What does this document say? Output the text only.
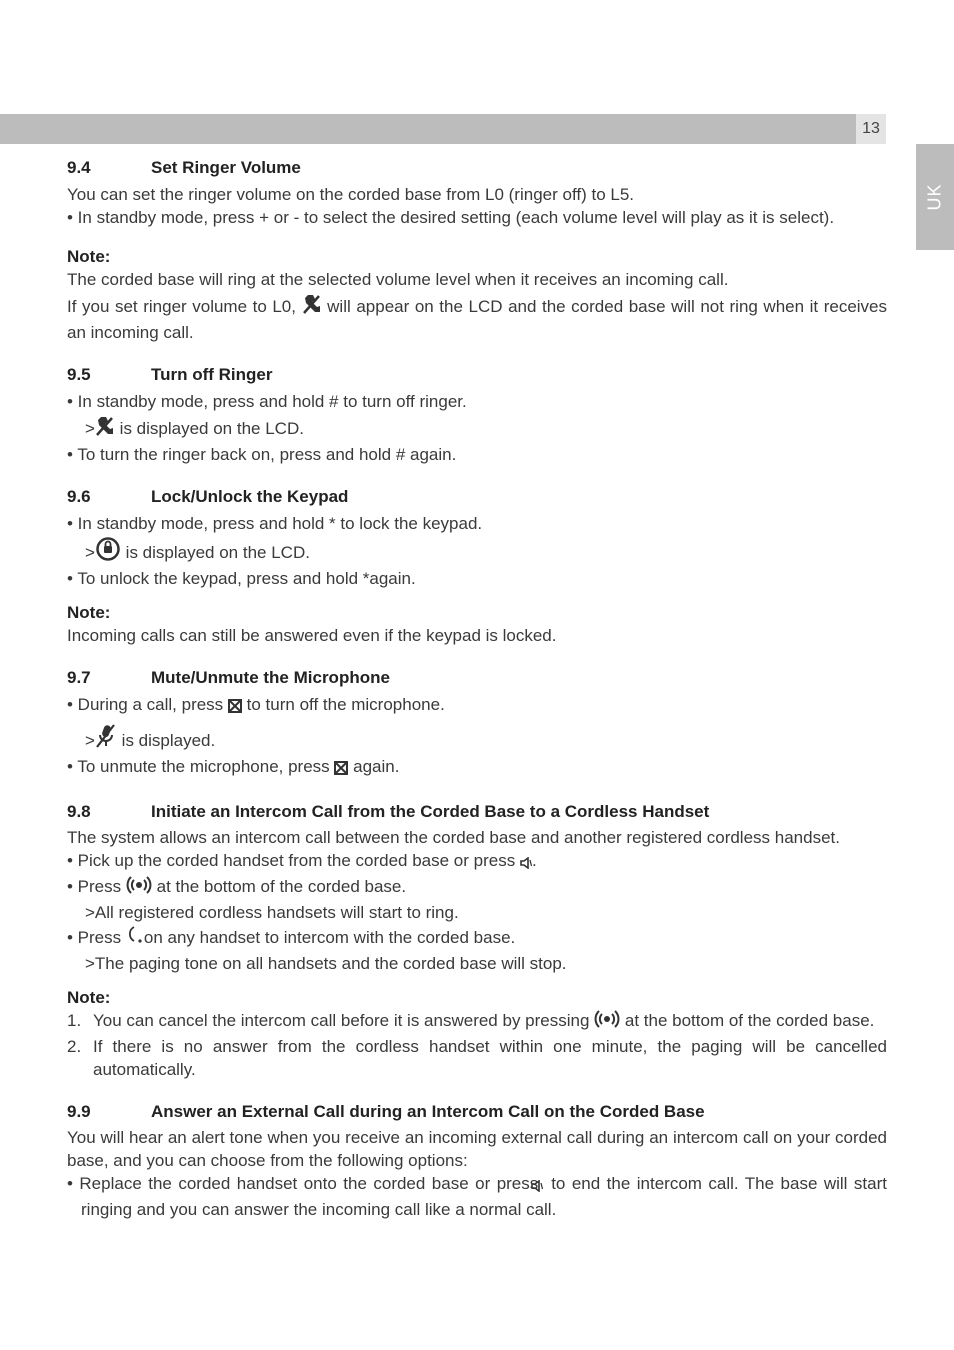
13
UK
9.4	Set Ringer Volume

You can set the ringer volume on the corded base from L0 (ringer off) to L5.

• In standby mode, press + or - to select the desired setting (each volume level will play as it is select).

Note:

The corded base will ring at the selected volume level when it receives an incoming call.

If you set ringer volume to L0, will appear on the LCD and the corded base will not ring when it receives an incoming call.

9.5	Turn off Ringer

• In standby mode, press and hold # to turn off ringer.

> is displayed on the LCD.

• To turn the ringer back on, press and hold # again.

9.6	Lock/Unlock the Keypad

• In standby mode, press and hold * to lock the keypad.

> is displayed on the LCD.

• To unlock the keypad, press and hold *again.

Note:

Incoming calls can still be answered even if the keypad is locked.

9.7	Mute/Unmute the Microphone

• During a call, press to turn off the microphone.

> is displayed.

• To unmute the microphone, press again.

9.8	Initiate an Intercom Call from the Corded Base to a Cordless Handset

The system allows an intercom call between the corded base and another registered cordless handset.

• Pick up the corded handset from the corded base or press .

• Press at the bottom of the corded base.

>All registered cordless handsets will start to ring.

• Press on any handset to intercom with the corded base.

>The paging tone on all handsets and the corded base will stop.

Note:
1. You can cancel the intercom call before it is answered by pressing at the bottom of the corded base.
2. If there is no answer from the cordless handset within one minute, the paging will be cancelled automatically.
9.9	Answer an External Call during an Intercom Call on the Corded Base

You will hear an alert tone when you receive an incoming external call during an intercom call on your corded base, and you can choose from the following options:

• Replace the corded handset onto the corded base or press to end the intercom call. The base will start ringing and you can answer the incoming call like a normal call.
